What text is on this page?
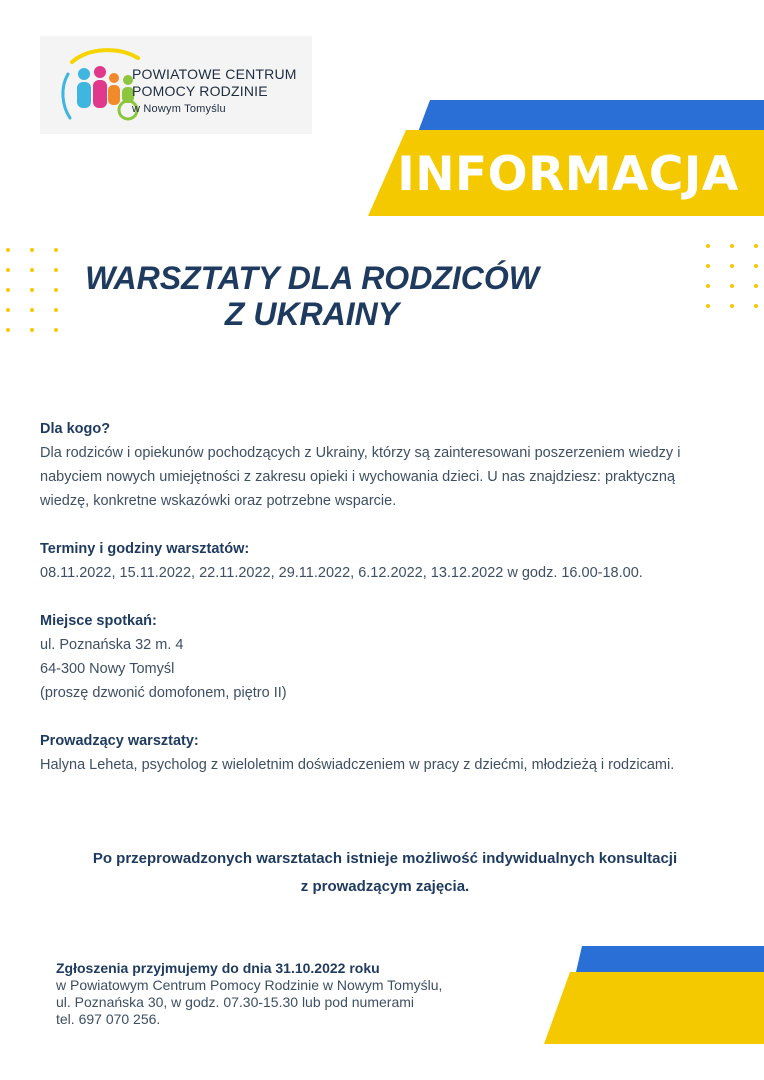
POWIATOWE CENTRUM
POMOCY RODZINIE
w Nowym Tomyślu
INFORMACJA
WARSZTATY DLA RODZICÓW
Z UKRAINY
Dla kogo?
Dla rodziców i opiekunów pochodzących z Ukrainy, którzy są zainteresowani poszerzeniem wiedzy i
nabyciem nowych umiejętności z zakresu opieki i wychowania dzieci. U nas znajdziesz: praktyczną
wiedzę, konkretne wskazówki oraz potrzebne wsparcie.
Terminy i godziny warsztatów:
08.11.2022, 15.11.2022, 22.11.2022, 29.11.2022, 6.12.2022, 13.12.2022 w godz. 16.00-18.00.
Miejsce spotkań:
ul. Poznańska 32 m. 4
64-300 Nowy Tomyśl
(proszę dzwonić domofonem, piętro II)
Prowadzący warsztaty:
Halyna Leheta, psycholog z wieloletnim doświadczeniem w pracy z dziećmi, młodzieżą i rodzicami.
Po przeprowadzonych warsztatach istnieje możliwość indywidualnych konsultacji
z prowadzącym zajęcia.
Zgłoszenia przyjmujemy do dnia 31.10.2022 roku
w Powiatowym Centrum Pomocy Rodzinie w Nowym Tomyślu,
ul. Poznańska 30, w godz. 07.30-15.30 lub pod numerami
tel. 697 070 256.
